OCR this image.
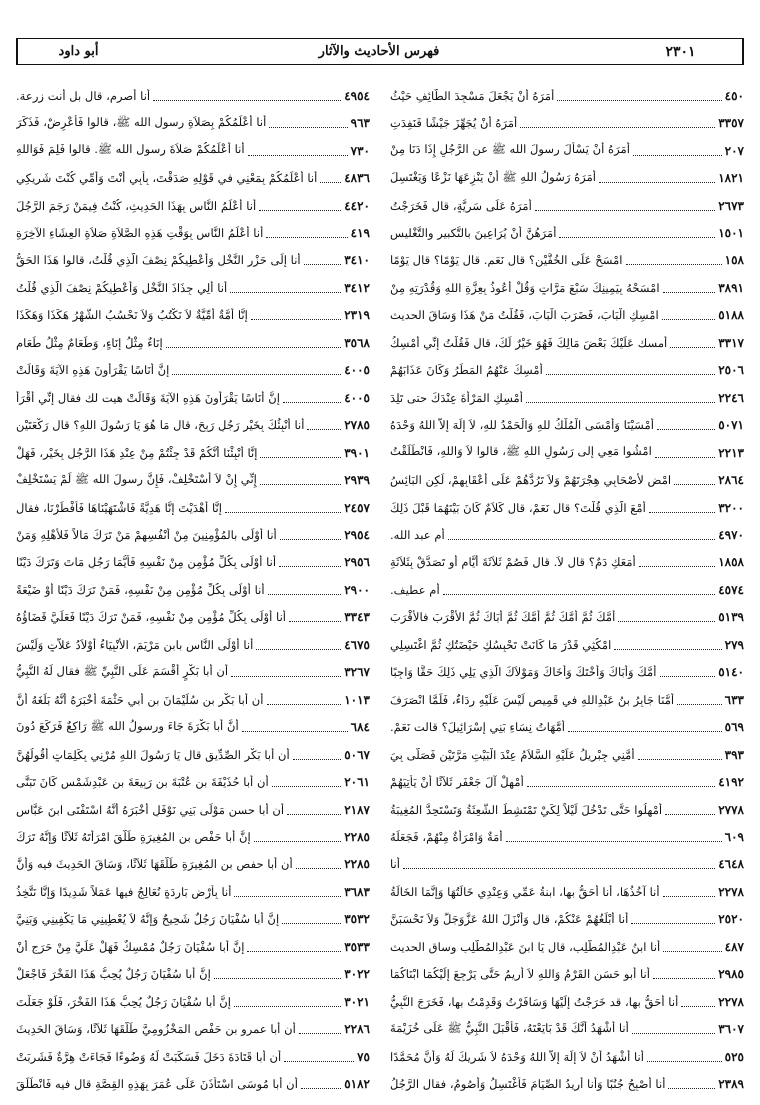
أبو داود	فهرس الأحاديث والآثار	٢٣٠١
أَمَرَهُ أَنْ يَجْعَلَ مَسْجِدَ الطَّائِفِ حَيْثُ	٤٥٠
أَمَرَهُ أَنْ يُجَهِّزَ جَيْشًا فَنَفِدَتِ	٣٣٥٧
أَمَرَهُ أَنْ يَسْأَلَ رسولَ الله ﷺ عن الرَّجُلِ إِذَا دَنَا مِنْ	٢٠٧
أَمَرَهُ رَسُولُ اللهِ ﷺ أَنْ يَنْزِعَهَا نَزْعًا وَيَغْتَسِلَ	١٨٢١
أَمَرَهُ عَلَى سَرِيَّةٍ، قال فَخَرَجْتُ	٢٦٧٣
أَمَرَهُنَّ أَنْ يُرَاعِينَ بالتَّكبيرِ والتَّغْليسِ	١٥٠١
امْسَحْ عَلَى الخُفَّيْنِ؟ قال نَعَم. قال يَوْمًا؟ قال يَوْمًا	١٥٨
امْسَحْهُ بِيَمِينِكَ سَبْعَ مَرَّاتٍ وَقُلْ أَعُوذُ بِعِزَّةِ اللهِ وَقُدْرَتِهِ مِنْ	٣٨٩١
امْسِكِ الْبَابَ، فَضَرَبَ الْبَابَ، فَقُلْتُ مَنْ هَذَا وَسَاقَ الحديث	٥١٨٨
أمسك عَلَيْكَ بَعْضَ مَالِكَ فَهُوَ خَيْرٌ لَكَ، قال فَقُلْتُ إِنِّي أُمْسِكُ	٣٣١٧
أُمْسِكَ عَنْهُمُ المَطَرُ وَكَانَ عَذَابَهُمْ	٢٥٠٦
أَمْسِكِ المَرْأَةَ عِنْدَكَ حتى تَلِدَ	٢٢٤٦
أَمْسَيْنَا وَأَمْسَى الْمُلْكُ للهِ وَالْحَمْدُ للهِ، لاَ إِلَهَ إِلاَّ اللهُ وَحْدَهُ	٥٠٧١
امْشُوا مَعِي إلى رَسُولِ اللهِ ﷺ، قالوا لاَ وَاللهِ، فَانْطَلَقْتُ	٢٢١٣
امْضِ لأَصْحَابِي هِجْرَتَهُمْ وَلاَ تَرُدَّهُمْ عَلَى أَعْقَابِهِمْ، لَكِنِ البَائِسُ	٢٨٦٤
أَمْعَ الَّذِي قُلْتَ؟ قال نَعَمْ، قال كَلاَمٌ كَانَ بَيْنَهُمَا قَبْلَ ذَلِكَ	٣٢٠٠
أم عبد الله.	٤٩٧٠
أَمَعَكِ دَمٌ؟ قال لاَ. قال فَصُمْ ثَلاَثَةَ أَيَّامٍ أو تَصَدَّقْ بِثَلاَثَةِ	١٨٥٨
أم عطيف.	٤٥٧٤
أُمَّكَ ثُمَّ أُمَّكَ ثُمَّ أُمَّكَ ثُمَّ أَبَاكَ ثُمَّ الأَقْرَبَ فالأَقْرَبَ	٥١٣٩
امْكُثِي قَدْرَ مَا كَانَتْ تَحْبِسُكِ حَيْضَتُكِ ثُمَّ اغْتَسِلِي	٢٧٩
أُمَّكَ وَأَبَاكَ وَأُخْتَكَ وَأَخَاكَ وَمَوْلاَكَ الَّذِي يَلِي ذَلِكَ حَقًّا وَاجِبًا	٥١٤٠
أَمَّنَا جَابِرُ بنُ عَبْدِاللهِ في قَمِيصٍ لَيْسَ عَلَيْهِ رِدَاءٌ، فَلَمَّا انْصَرَفَ	٦٣٣
أُمَّهَاتُ نِسَاءِ بَنِي إِسْرَائِيلَ؟ قالت نَعَمْ.	٥٦٩
أَمَّنِي جِبْرِيلُ عَلَيْهِ السَّلاَمُ عِنْدَ الْبَيْتِ مَرَّتَيْنِ فَصَلَّى بِيَ	٣٩٣
أَمْهِلْ آلَ جَعْفَرٍ ثَلاَثًا أَنْ يَأْتِيَهُمْ	٤١٩٢
أَمْهِلُوا حَتَّى تَدْخُلَ لَيْلاً لِكَيْ تَمْتَشِطَ الشَّعِثَةُ وَتَسْتَحِدَّ المُغِيبَةُ	٢٧٧٨
أَمَةٌ وَامْرَأَةٌ مِنْهُمْ، فَجَعَلَهُ	٦٠٩
أنا	٤٦٤٨
أنا آخُذُهَا، أنا أَحَقُّ بها، ابنةُ عَمِّي وَعِنْدِي خَالَتُهَا وَإِنَّمَا الخَالَةُ	٢٢٧٨
أنا أَبْلَغُهُمْ عَنْكُمْ، قال وَأَنْزَلَ اللهُ عَزَّوَجَلَّ وَلاَ تَحْسَبَنَّ	٢٥٢٠
أنا ابنُ عَبْدِالمُطَّلِبِ، قال يَا ابنَ عَبْدِالمُطَّلِبِ وساق الحديث	٤٨٧
أنا أبو حَسَنٍ القَرْمُ وَاللهِ لاَ أَرِيمُ حَتَّى يَرْجِعَ إِلَيْكُمَا ابْنَاكُمَا	٢٩٨٥
أنا أَحَقُّ بها، قد خَرَجْتُ إِلَيْهَا وَسَافَرْتُ وَقَدِمْتُ بها، فَخَرَجَ النَّبِيُّ	٢٢٧٨
أنا أَشْهَدُ أَنَّكَ قَدْ بَايَعْتَهُ، فَأَقْبَلَ النَّبِيُّ ﷺ عَلَى خُزَيْمَةَ	٣٦٠٧
أنا أَشْهَدُ أَنْ لاَ إِلَهَ إِلاَّ اللهُ وَحْدَهُ لاَ شَرِيكَ لَهُ وَأَنَّ مُحَمَّدًا	٥٢٥
أنا أُصْبِحُ جُنُبًا وَأنا أُرِيدُ الصِّيَامَ فَأَغْتَسِلُ وَأَصُومُ، فقال الرَّجُلُ	٢٣٨٩
أنا أصرم، قال بل أنت زرعة.	٤٩٥٤
أنا أَعْلَمُكُمْ بِصَلاَةِ رسول الله ﷺ، قالوا فَأَعْرِضْ، فَذَكَرَ	٩٦٣
أنا أَعْلَمُكُمْ صَلاَةَ رسول الله ﷺ. قالوا فَلِمَ فَوَاللهِ	٧٣٠
أنا أَعْلَمُكُمْ بِمَعْنِي في قَوْلِهِ صَدَقْتَ، بِأَبِي أَنْتَ وَأُمِّي كُنْتَ شَرِيكِي ٤٨٣٦
أنا أَعْلَمُ النَّاسِ بِهَذَا الحَدِيثِ، كُنْتُ فِيمَنْ رَجَمَ الرَّجُلَ	٤٤٢٠
أنا أَعْلَمُ النَّاسِ بِوَقْتِ هَذِهِ الصَّلاَةِ صَلاَةِ العِشَاءِ الآخِرَةِ	٤١٩
أنا إِلَى حَزْرِ النَّخْلِ وَأُعْطِيكُمْ نِصْفَ الَّذِي قُلْتُ، قالوا هَذَا الحَقُّ	٣٤١٠
أنا أَلِي جِذَاذَ النَّخْلِ وَأُعْطِيكُمْ نِصْفَ الَّذِي قُلْتُ	٣٤١٢
إِنَّا أُمَّةٌ أُمِّيَّةٌ لاَ نَكْتُبُ وَلاَ نَحْسُبُ الشَّهْرُ هَكَذَا وَهَكَذَا	٢٣١٩
إِنَاءٌ مِثْلُ إِنَاءٍ، وَطَعَامٌ مِثْلُ طَعَامٍ	٣٥٦٨
إِنَّ أُنَاسًا يَقْرَأُونَ هَذِهِ الآيَةَ وَقَالَتْ	٤٠٠٥
إِنَّ أُنَاسًا يَقْرَأُونَ هَذِهِ الآيَةَ وَقَالَتْ هيت لك فقال إِنِّي أَقْرَأُ	٤٠٠٥
أنا أُنْبِئُكَ بِخَيْرِ رَجُلٍ رَبِحَ، قال مَا هُوَ يَا رَسُولَ اللهِ؟ قال رَكْعَتَيْنِ	٢٧٨٥
إِنَّا أُنْبِئْنَا أَنَّكُمْ قَدْ جِئْتُمْ مِنْ عِنْدِ هَذَا الرَّجُلِ بِخَيْرٍ، فَهَلْ	٣٩٠١
إِنِّي إِنْ لاَ أَسْتَخْلِفْ، فَإِنَّ رسولَ الله ﷺ لَمْ يَسْتَخْلِفْ	٢٩٣٩
إِنَّا أَهْدَيْتَ إِنَّا هَدِيَّةً فَاشْتَهَيْنَاهَا فَأَفْطَرْنَا، فقال	٢٤٥٧
أنا أَوْلَى بالمُؤْمِنِينَ مِنْ أَنْفُسِهِمْ مَنْ تَرَكَ مَالاً فَلأَهْلِهِ وَمَنْ	٢٩٥٤
أنا أَوْلَى بِكُلِّ مُؤْمِنٍ مِنْ نَفْسِهِ فَأَيُّمَا رَجُلٍ مَاتَ وَتَرَكَ دَيْنًا	٢٩٥٦
أنا أَوْلَى بِكُلِّ مُؤْمِنٍ مِنْ نَفْسِهِ، فَمَنْ تَرَكَ دَيْنًا أَوْ ضَيْعَةً	٢٩٠٠
أنا أَوْلَى بِكُلِّ مُؤْمِنٍ مِنْ نَفْسِهِ، فَمَنْ تَرَكَ دَيْنًا فَعَلَيَّ قَضَاؤُهُ	٣٣٤٣
أنا أَوْلَى النَّاسِ بابنِ مَرْيَمَ، الأَنْبِيَاءُ أَوْلاَدُ عَلاَّتٍ وَلَيْسَ	٤٦٧٥
أن أبا بَكْرٍ أَقْسَمَ عَلَى النَّبِيِّ ﷺ فقال لَهُ النَّبِيُّ	٣٢٦٧
أن أبا بَكْرِ بن سُلَيْمَانَ بن أبي حَثْمَةَ أَخْبَرَهُ أَنَّهُ بَلَغَهُ أَنَّ	١٠١٣
أَنَّ أبا بَكْرَةَ جَاءَ ورسولُ الله ﷺ رَاكِعٌ فَرَكَعَ دُونَ	٦٨٤
أن أبا بَكْرٍ الصِّدِّيقِ قال يَا رَسُولَ اللهِ مُرْنِي بِكَلِمَاتٍ أَقُولُهُنَّ	٥٠٦٧
أن أبا حُذَيْفَةَ بن عُتْبَةَ بن رَبِيعَةَ بن عَبْدِشَمْسٍ كَانَ تَبَنَّى	٢٠٦١
أن أبا حسن مَوْلَى بَنِي نَوْفَلٍ أَخْبَرَهُ أَنَّهُ اسْتَفْتَى ابنَ عَبَّاسٍ	٢١٨٧
إِنَّ أبا حَفْصِ بن المُغِيرَةِ طَلَّقَ امْرَأَتَهُ ثَلاَثًا وَإِنَّهُ تَرَكَ	٢٢٨٥
أن أبا حفص بن المُغِيرَةِ طَلَّقَهَا ثَلاَثًا، وَسَاقَ الحَدِيثَ فيه وَأَنَّ	٢٢٨٥
أنا بِأَرْضٍ بَارِدَةٍ نُعَالِجُ فيها عَمَلاً شَدِيدًا وَإِنَّا نَتَّخِذُ	٣٦٨٣
إِنَّ أبا سُفْيَانَ رَجُلٌ شَحِيحٌ وَإِنَّهُ لاَ يُعْطِينِي مَا يَكْفِينِي وَبَنِيَّ	٣٥٣٢
إِنَّ أبا سُفْيَانَ رَجُلٌ مُمْسِكٌ فَهَلْ عَلَيَّ مِنْ حَرَجٍ أَنْ	٣٥٣٣
إِنَّ أبا سُفْيَانَ رَجُلٌ يُحِبُّ هَذَا الفَخْرَ فَاجْعَلْ	٣٠٢٢
إِنَّ أبا سُفْيَانَ رَجُلٌ يُحِبُّ هَذَا الفَخْرَ، فَلَوْ جَعَلْتَ	٣٠٢١
أن أبا عمرو بن حَفْصٍ المَخْزُومِيَّ طَلَّقَهَا ثَلاَثًا، وَسَاقَ الحَدِيثَ	٢٢٨٦
أن أبا قَتَادَةَ دَخَلَ فَسَكَبَتْ لَهُ وَضُوءًا فَجَاءَتْ هِرَّةٌ فَشَرِبَتْ	٧٥
أن أبا مُوسَى اسْتَأْذَنَ عَلَى عُمَرَ بِهَذِهِ القِصَّةِ قال فيه فَانْطَلَقَ	٥١٨٢
